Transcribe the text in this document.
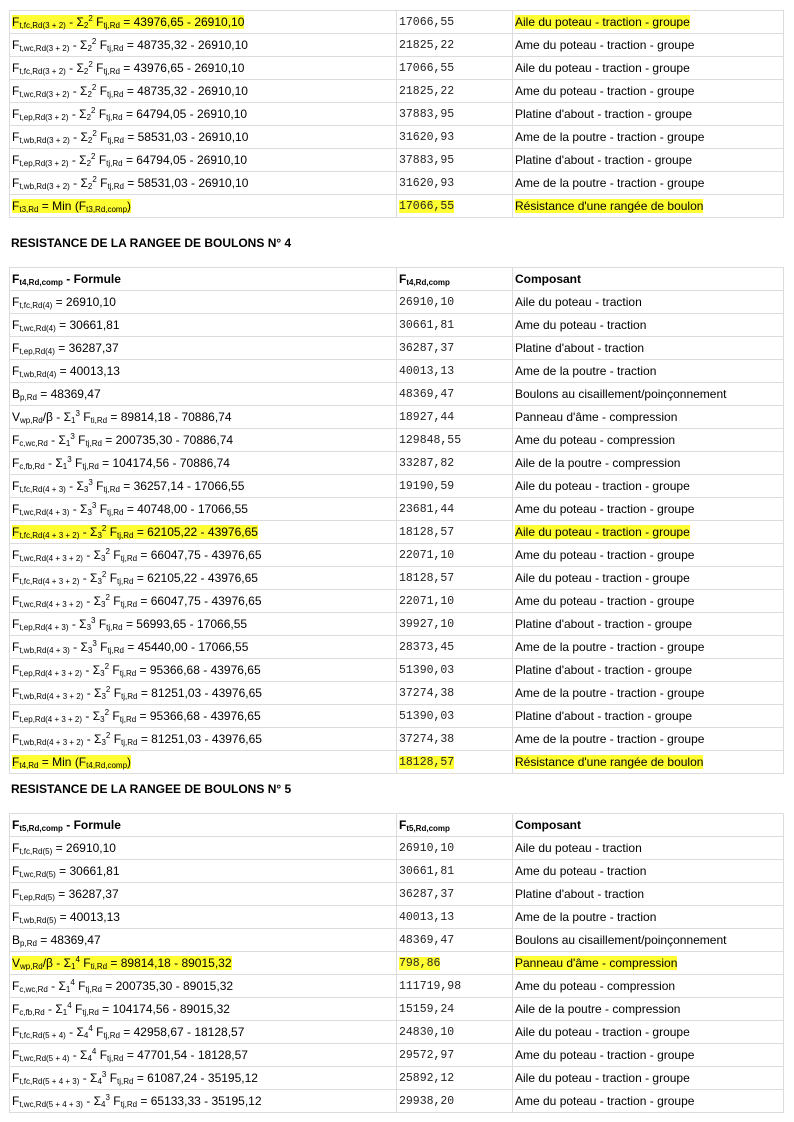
$F_{t,fc,Rd(3 + 2)} - \Sigma_2^2$ $F_{tj,Rd} = 43976,65 - 26910,10$	17066,55	Aile du poteau - traction - groupe
$F_{t,wc,Rd(3 + 2)} - \Sigma_2^2$ $F_{tj,Rd} = 48735,32 - 26910,10$	21825,22	Ame du poteau - traction - groupe
$F_{t,fc,Rd(3 + 2)} - \Sigma_2^2$ $F_{tj,Rd} = 43976,65 - 26910,10$	17066,55	Aile du poteau - traction - groupe
$F_{t,wc,Rd(3 + 2)} - \Sigma_2^2$ $F_{tj,Rd} = 48735,32 - 26910,10$	21825,22	Ame du poteau - traction - groupe
$F_{t,ep,Rd(3 + 2)} - \Sigma_2^2$ $F_{tj,Rd} = 64794,05 - 26910,10$	37883,95	Platine d'about - traction - groupe
$F_{t,wb,Rd(3 + 2)} - \Sigma_2^2$ $F_{tj,Rd} = 58531,03 - 26910,10$	31620,93	Ame de la poutre - traction - groupe
$F_{t,ep,Rd(3 + 2)} - \Sigma_2^2$ $F_{tj,Rd} = 64794,05 - 26910,10$	37883,95	Platine d'about - traction - groupe
$F_{t,wb,Rd(3 + 2)} - \Sigma_2^2$ $F_{tj,Rd} = 58531,03 - 26910,10$	31620,93	Ame de la poutre - traction - groupe
$F_{t3,Rd}$ = Min $(F_{t3,Rd,comp})$	17066,55	Résistance d'une rangée de boulon
RESISTANCE DE LA RANGEE DE BOULONS N° 4
$F_{t4,Rd,comp}$ - Formule	$F_{t4,Rd,comp}$	Composant
$F_{t,fc,Rd(4)} = 26910,10$	26910,10	Aile du poteau - traction
$F_{t,wc,Rd(4)} = 30661,81$	30661,81	Ame du poteau - traction
$F_{t,ep,Rd(4)} = 36287,37$	36287,37	Platine d'about - traction
$F_{t,wb,Rd(4)} = 40013,13$	40013,13	Ame de la poutre - traction
$B_{p,Rd} = 48369,47$	48369,47	Boulons au cisaillement/poinçonnement
$V_{wp,Rd}/\beta - \Sigma_1^3$ $F_{ti,Rd} = 89814,18 - 70886,74$	18927,44	Panneau d'âme - compression
$F_{c,wc,Rd} - \Sigma_1^3$ $F_{tj,Rd} = 200735,30 - 70886,74$	129848,55	Ame du poteau - compression
$F_{c,fb,Rd} - \Sigma_1^3$ $F_{tj,Rd} = 104174,56 - 70886,74$	33287,82	Aile de la poutre - compression
$F_{t,fc,Rd(4 + 3)} - \Sigma_3^3$ $F_{tj,Rd} = 36257,14 - 17066,55$	19190,59	Aile du poteau - traction - groupe
$F_{t,wc,Rd(4 + 3)} - \Sigma_3^3$ $F_{tj,Rd} = 40748,00 - 17066,55$	23681,44	Ame du poteau - traction - groupe
$F_{t,fc,Rd(4 + 3 + 2)} - \Sigma_3^2$ $F_{tj,Rd} = 62105,22 - 43976,65$	18128,57	Aile du poteau - traction - groupe
$F_{t,wc,Rd(4 + 3 + 2)} - \Sigma_3^2$ $F_{tj,Rd} = 66047,75 - 43976,65$	22071,10	Ame du poteau - traction - groupe
$F_{t,fc,Rd(4 + 3 + 2)} - \Sigma_3^2$ $F_{tj,Rd} = 62105,22 - 43976,65$	18128,57	Aile du poteau - traction - groupe
$F_{t,wc,Rd(4 + 3 + 2)} - \Sigma_3^2$ $F_{tj,Rd} = 66047,75 - 43976,65$	22071,10	Ame du poteau - traction - groupe
$F_{t,ep,Rd(4 + 3)} - \Sigma_3^3$ $F_{tj,Rd} = 56993,65 - 17066,55$	39927,10	Platine d'about - traction - groupe
$F_{t,wb,Rd(4 + 3)} - \Sigma_3^3$ $F_{tj,Rd} = 45440,00 - 17066,55$	28373,45	Ame de la poutre - traction - groupe
$F_{t,ep,Rd(4 + 3 + 2)} - \Sigma_3^2$ $F_{tj,Rd} = 95366,68 - 43976,65$	51390,03	Platine d'about - traction - groupe
$F_{t,wb,Rd(4 + 3 + 2)} - \Sigma_3^2$ $F_{tj,Rd} = 81251,03 - 43976,65$	37274,38	Ame de la poutre - traction - groupe
$F_{t,ep,Rd(4 + 3 + 2)} - \Sigma_3^2$ $F_{tj,Rd} = 95366,68 - 43976,65$	51390,03	Platine d'about - traction - groupe
$F_{t,wb,Rd(4 + 3 + 2)} - \Sigma_3^2$ $F_{tj,Rd} = 81251,03 - 43976,65$	37274,38	Ame de la poutre - traction - groupe
$F_{t4,Rd}$ = Min $(F_{t4,Rd,comp})$	18128,57	Résistance d'une rangée de boulon
RESISTANCE DE LA RANGEE DE BOULONS N° 5
$F_{t5,Rd,comp}$ - Formule	$F_{t5,Rd,comp}$	Composant
$F_{t,fc,Rd(5)} = 26910,10$	26910,10	Aile du poteau - traction
$F_{t,wc,Rd(5)} = 30661,81$	30661,81	Ame du poteau - traction
$F_{t,ep,Rd(5)} = 36287,37$	36287,37	Platine d'about - traction
$F_{t,wb,Rd(5)} = 40013,13$	40013,13	Ame de la poutre - traction
$B_{p,Rd} = 48369,47$	48369,47	Boulons au cisaillement/poinçonnement
$V_{wp,Rd}/\beta - \Sigma_1^4$ $F_{ti,Rd} = 89814,18 - 89015,32$	798,86	Panneau d'âme - compression
$F_{c,wc,Rd} - \Sigma_1^4$ $F_{tj,Rd} = 200735,30 - 89015,32$	111719,98	Ame du poteau - compression
$F_{c,fb,Rd} - \Sigma_1^4$ $F_{tj,Rd} = 104174,56 - 89015,32$	15159,24	Aile de la poutre - compression
$F_{t,fc,Rd(5 + 4)} - \Sigma_4^4$ $F_{tj,Rd} = 42958,67 - 18128,57$	24830,10	Aile du poteau - traction - groupe
$F_{t,wc,Rd(5 + 4)} - \Sigma_4^4$ $F_{tj,Rd} = 47701,54 - 18128,57$	29572,97	Ame du poteau - traction - groupe
$F_{t,fc,Rd(5 + 4 + 3)} - \Sigma_4^3$ $F_{tj,Rd} = 61087,24 - 35195,12$	25892,12	Aile du poteau - traction - groupe
$F_{t,wc,Rd(5 + 4 + 3)} - \Sigma_4^3$ $F_{tj,Rd} = 65133,33 - 35195,12$	29938,20	Ame du poteau - traction - groupe
